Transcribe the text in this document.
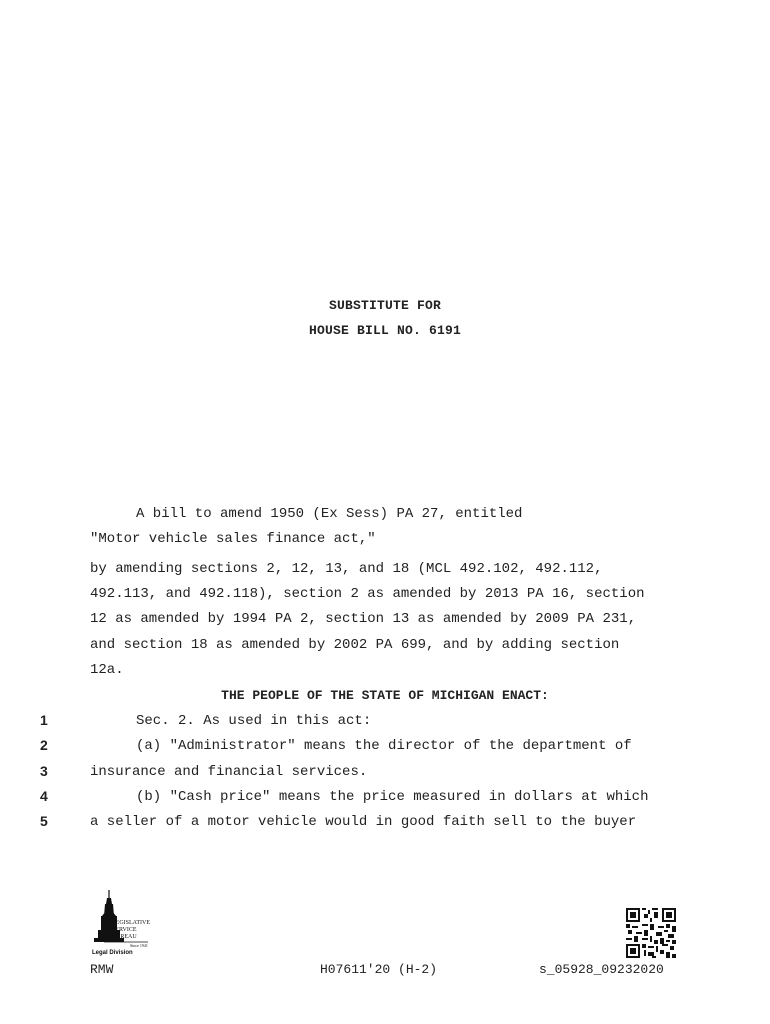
SUBSTITUTE FOR
HOUSE BILL NO. 6191
A bill to amend 1950 (Ex Sess) PA 27, entitled
"Motor vehicle sales finance act,"
by amending sections 2, 12, 13, and 18 (MCL 492.102, 492.112,
492.113, and 492.118), section 2 as amended by 2013 PA 16, section
12 as amended by 1994 PA 2, section 13 as amended by 2009 PA 231,
and section 18 as amended by 2002 PA 699, and by adding section
12a.
THE PEOPLE OF THE STATE OF MICHIGAN ENACT:
1	Sec. 2. As used in this act:
2	(a) "Administrator" means the director of the department of
3	insurance and financial services.
4	(b) "Cash price" means the price measured in dollars at which
5	a seller of a motor vehicle would in good faith sell to the buyer
LEGISLATIVE
SERVICE
BUREAU
Since 1941
Legal Division
RMW	H07611'20 (H-2)	s_05928_09232020
